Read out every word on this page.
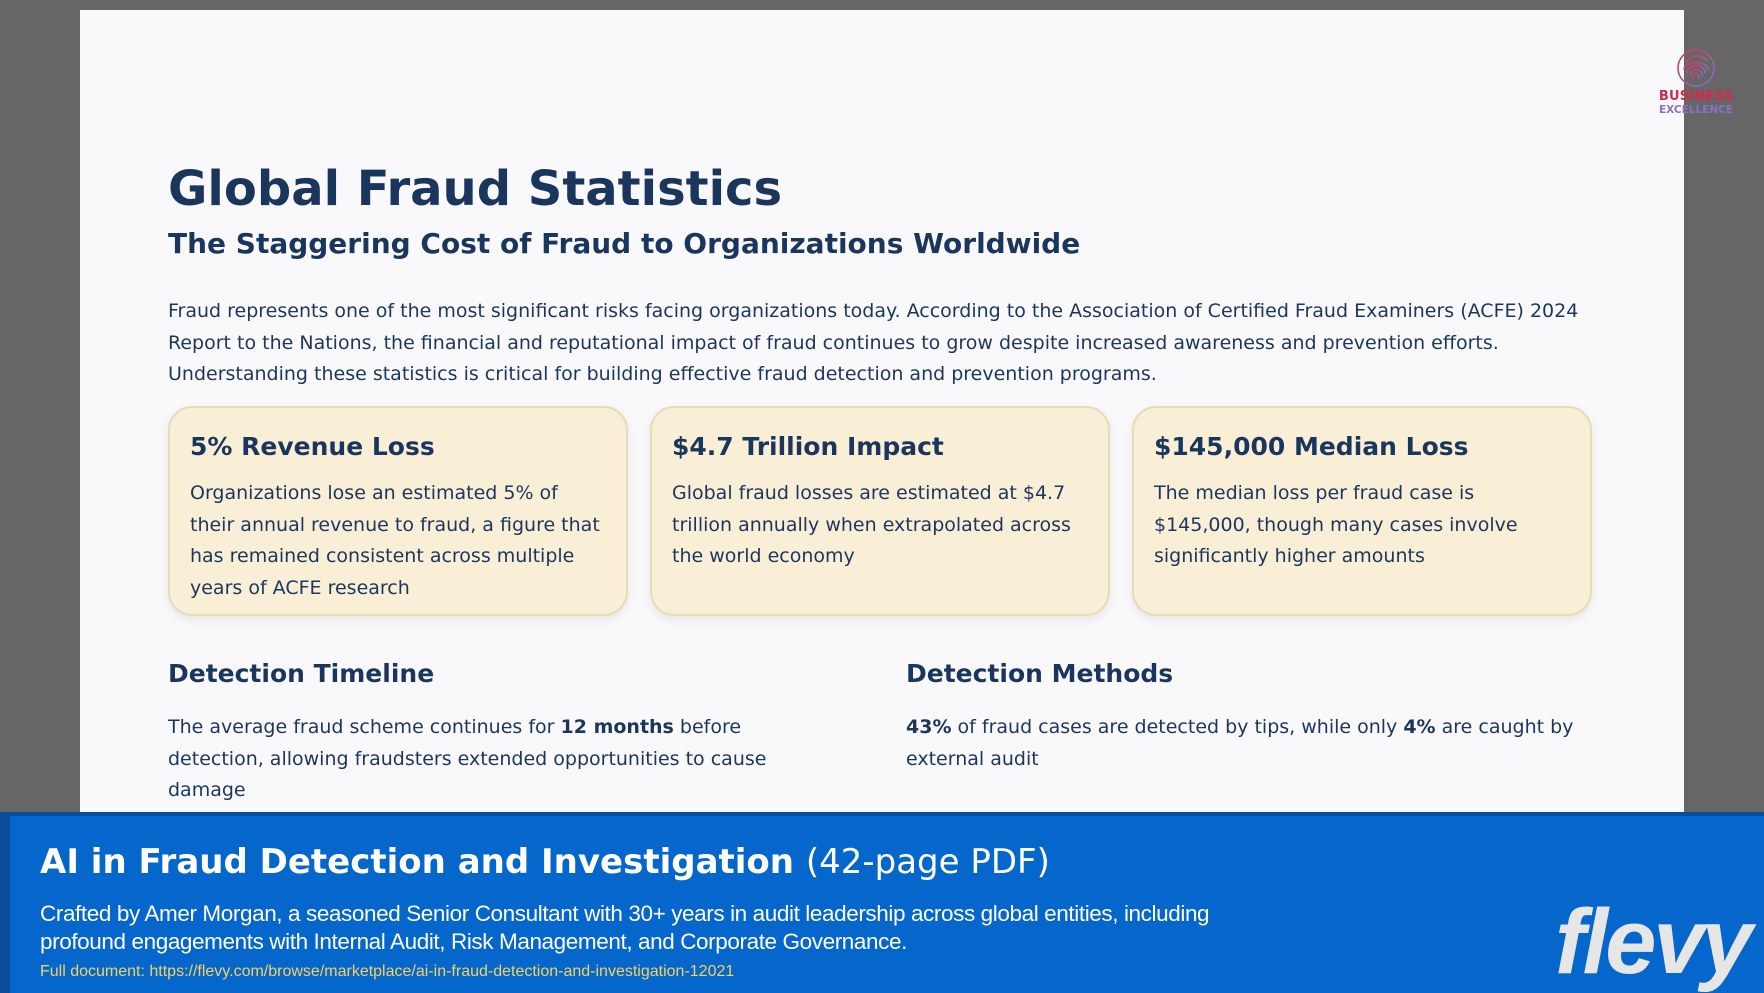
BUSINESS
EXCELLENCE
Global Fraud Statistics
The Staggering Cost of Fraud to Organizations Worldwide

Fraud represents one of the most significant risks facing organizations today. According to the Association of Certified Fraud Examiners (ACFE) 2024 Report to the Nations, the financial and reputational impact of fraud continues to grow despite increased awareness and prevention efforts. Understanding these statistics is critical for building effective fraud detection and prevention programs.

5% Revenue Loss

Organizations lose an estimated 5% of their annual revenue to fraud, a figure that has remained consistent across multiple years of ACFE research

$4.7 Trillion Impact

Global fraud losses are estimated at $4.7 trillion annually when extrapolated across the world economy

$145,000 Median Loss

The median loss per fraud case is $145,000, though many cases involve significantly higher amounts

Detection Timeline

The average fraud scheme continues for 12 months before detection, allowing fraudsters extended opportunities to cause damage

Detection Methods

43% of fraud cases are detected by tips, while only 4% are caught by external audit

AI in Fraud Detection and Investigation (42-page PDF)

Crafted by Amer Morgan, a seasoned Senior Consultant with 30+ years in audit leadership across global entities, including profound engagements with Internal Audit, Risk Management, and Corporate Governance.

Full document: https://flevy.com/browse/marketplace/ai-in-fraud-detection-and-investigation-12021	flevy
